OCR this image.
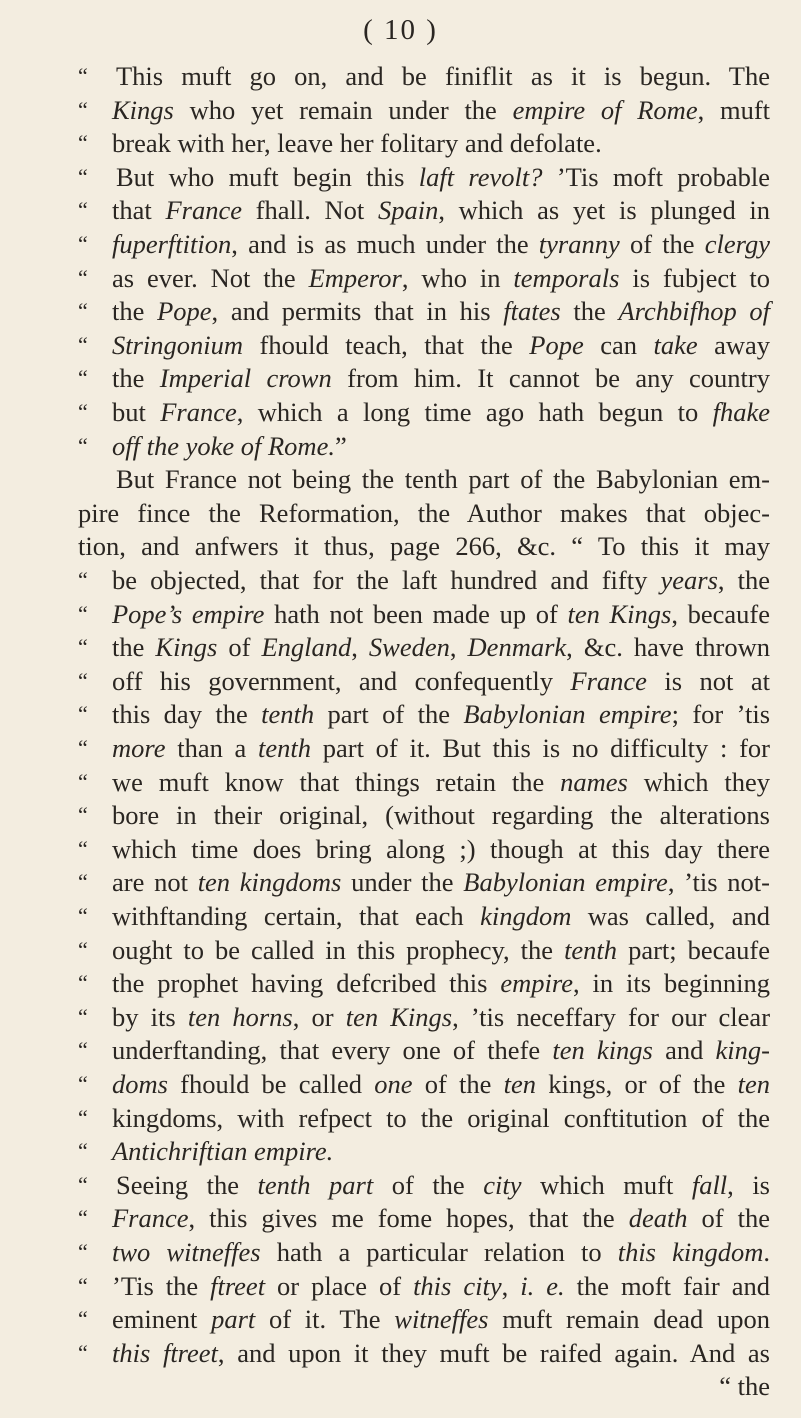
( 10 )
“	This muft go on, and be finiflit as it is begun. The
“ Kings who yet remain under the empire of Rome, muft
“ break with her, leave her folitary and defolate.
“	But who muft begin this laft revolt? ’Tis moft probable
“ that France fhall. Not Spain, which as yet is plunged in
“ fuperftition, and is as much under the tyranny of the clergy
“ as ever. Not the Emperor, who in temporals is fubject to
“ the Pope, and permits that in his ftates the Archbifhop of
“ Stringonium fhould teach, that the Pope can take away
“ the Imperial crown from him. It cannot be any country
“ but France, which a long time ago hath begun to fhake
“ off the yoke of Rome.”
But France not being the tenth part of the Babylonian em-
pire fince the Reformation, the Author makes that objec-
tion, and anfwers it thus, page 266, &c. “ To this it may
“ be objected, that for the laft hundred and fifty years, the
“ Pope’s empire hath not been made up of ten Kings, becaufe
“ the Kings of England, Sweden, Denmark, &c. have thrown
“ off his government, and confequently France is not at
“ this day the tenth part of the Babylonian empire; for ’tis
“ more than a tenth part of it. But this is no difficulty : for
“ we muft know that things retain the names which they
“ bore in their original, (without regarding the alterations
“ which time does bring along ;) though at this day there
“ are not ten kingdoms under the Babylonian empire, ’tis not-
“ withftanding certain, that each kingdom was called, and
“ ought to be called in this prophecy, the tenth part; becaufe
“ the prophet having defcribed this empire, in its beginning
“ by its ten horns, or ten Kings, ’tis neceffary for our clear
“ underftanding, that every one of thefe ten kings and king-
“ doms fhould be called one of the ten kings, or of the ten
“ kingdoms, with refpect to the original conftitution of the
“ Antichriftian empire.
“	Seeing the tenth part of the city which muft fall, is
“ France, this gives me fome hopes, that the death of the
“ two witneffes hath a particular relation to this kingdom.
“ ’Tis the ftreet or place of this city, i. e. the moft fair and
“ eminent part of it. The witneffes muft remain dead upon
“ this ftreet, and upon it they muft be raifed again. And as
“ the
